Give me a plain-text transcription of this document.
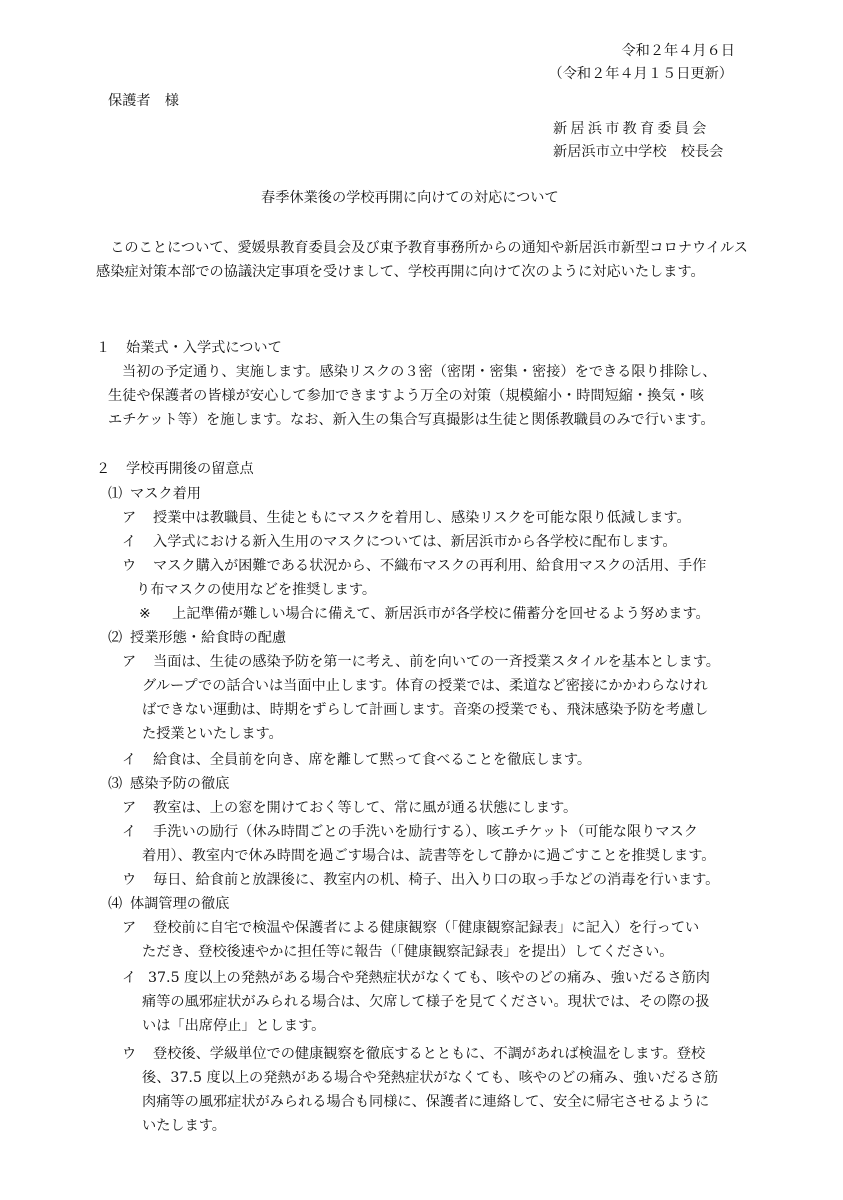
令和２年４月６日
（令和２年４月１５日更新）
保護者　様
新居浜市教育委員会
新居浜市立中学校　校長会
春季休業後の学校再開に向けての対応について
このことについて、愛媛県教育委員会及び東予教育事務所からの通知や新居浜市新型コロナウイルス感染症対策本部での協議決定事項を受けまして、学校再開に向けて次のように対応いたします。
１ 始業式・入学式について
当初の予定通り、実施します。感染リスクの３密（密閉・密集・密接）をできる限り排除し、
生徒や保護者の皆様が安心して参加できますよう万全の対策（規模縮小・時間短縮・換気・咳
エチケット等）を施します。なお、新入生の集合写真撮影は生徒と関係教職員のみで行います。
２ 学校再開後の留意点
⑴ マスク着用
ア 授業中は教職員、生徒ともにマスクを着用し、感染リスクを可能な限り低減します。
イ 入学式における新入生用のマスクについては、新居浜市から各学校に配布します。
ウ マスク購入が困難である状況から、不織布マスクの再利用、給食用マスクの活用、手作
り布マスクの使用などを推奨します。
※ 上記準備が難しい場合に備えて、新居浜市が各学校に備蓄分を回せるよう努めます。
⑵ 授業形態・給食時の配慮
ア 当面は、生徒の感染予防を第一に考え、前を向いての一斉授業スタイルを基本とします。
グループでの話合いは当面中止します。体育の授業では、柔道など密接にかかわらなけれ
ばできない運動は、時期をずらして計画します。音楽の授業でも、飛沫感染予防を考慮し
た授業といたします。
イ 給食は、全員前を向き、席を離して黙って食べることを徹底します。
⑶ 感染予防の徹底
ア 教室は、上の窓を開けておく等して、常に風が通る状態にします。
イ 手洗いの励行（休み時間ごとの手洗いを励行する）、咳エチケット（可能な限りマスク
着用）、教室内で休み時間を過ごす場合は、読書等をして静かに過ごすことを推奨します。
ウ 毎日、給食前と放課後に、教室内の机、椅子、出入り口の取っ手などの消毒を行います。
⑷ 体調管理の徹底
ア 登校前に自宅で検温や保護者による健康観察（「健康観察記録表」に記入）を行ってい
ただき、登校後速やかに担任等に報告（「健康観察記録表」を提出）してください。
イ 37.5 度以上の発熱がある場合や発熱症状がなくても、咳やのどの痛み、強いだるさ筋肉
痛等の風邪症状がみられる場合は、欠席して様子を見てください。現状では、その際の扱
いは「出席停止」とします。
ウ 登校後、学級単位での健康観察を徹底するとともに、不調があれば検温をします。登校
後、37.5 度以上の発熱がある場合や発熱症状がなくても、咳やのどの痛み、強いだるさ筋
肉痛等の風邪症状がみられる場合も同様に、保護者に連絡して、安全に帰宅させるように
いたします。
